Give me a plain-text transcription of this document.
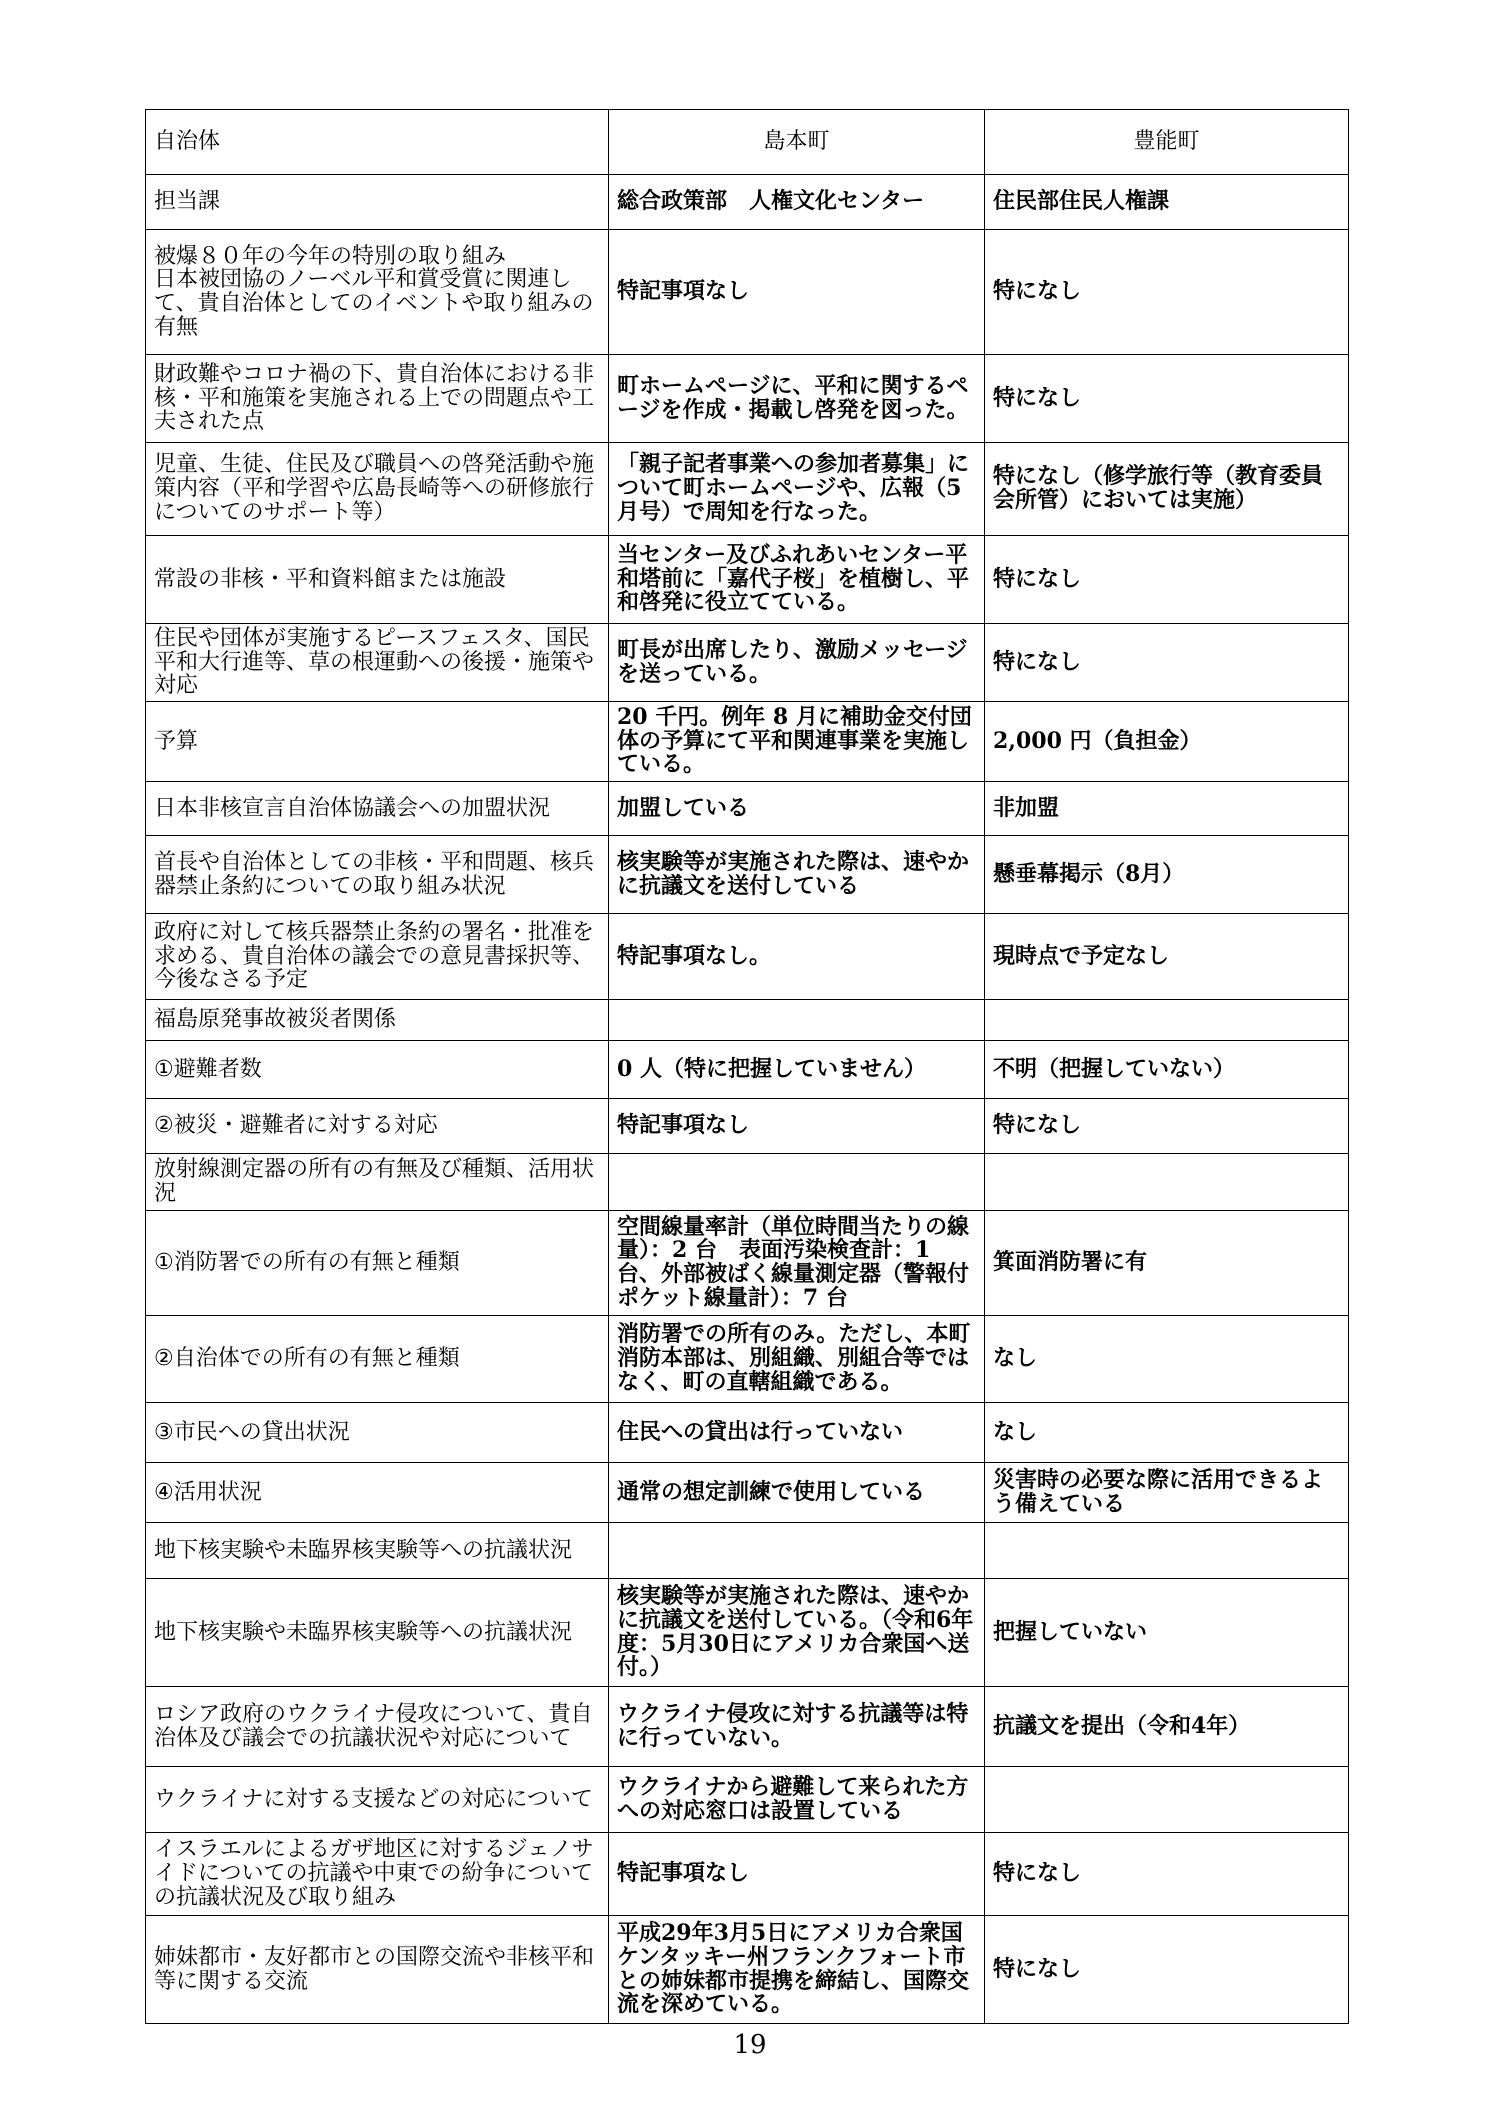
自治体	島本町	豊能町
担当課	総合政策部　人権文化センター	住民部住民人権課
被爆８０年の今年の特別の取り組み
日本被団協のノーベル平和賞受賞に関連して、貴自治体としてのイベントや取り組みの有無	特記事項なし	特になし
財政難やコロナ禍の下、貴自治体における非核・平和施策を実施される上での問題点や工夫された点	町ホームページに、平和に関するページを作成・掲載し啓発を図った。	特になし
児童、生徒、住民及び職員への啓発活動や施策内容（平和学習や広島長崎等への研修旅行についてのサポート等）	「親子記者事業への参加者募集」について町ホームページや、広報（5 月号）で周知を行なった。	特になし（修学旅行等（教育委員会所管）においては実施）
常設の非核・平和資料館または施設	当センター及びふれあいセンター平和塔前に「嘉代子桜」を植樹し、平和啓発に役立てている。	特になし
住民や団体が実施するピースフェスタ、国民平和大行進等、草の根運動への後援・施策や対応	町長が出席したり、激励メッセージを送っている。	特になし
予算	20 千円。例年 8 月に補助金交付団体の予算にて平和関連事業を実施している。	2,000 円（負担金）
日本非核宣言自治体協議会への加盟状況	加盟している	非加盟
首長や自治体としての非核・平和問題、核兵器禁止条約についての取り組み状況	核実験等が実施された際は、速やかに抗議文を送付している	懸垂幕掲示（8月）
政府に対して核兵器禁止条約の署名・批准を求める、貴自治体の議会での意見書採択等、今後なさる予定	特記事項なし。	現時点で予定なし
福島原発事故被災者関係		
①避難者数	0 人（特に把握していません）	不明（把握していない）
②被災・避難者に対する対応	特記事項なし	特になし
放射線測定器の所有の有無及び種類、活用状況		
①消防署での所有の有無と種類	空間線量率計（単位時間当たりの線量）：2 台　表面汚染検査計：1 台、外部被ばく線量測定器（警報付ポケット線量計）：7 台	箕面消防署に有
②自治体での所有の有無と種類	消防署での所有のみ。ただし、本町消防本部は、別組織、別組合等ではなく、町の直轄組織である。	なし
③市民への貸出状況	住民への貸出は行っていない	なし
④活用状況	通常の想定訓練で使用している	災害時の必要な際に活用できるよう備えている
地下核実験や未臨界核実験等への抗議状況		
地下核実験や未臨界核実験等への抗議状況	核実験等が実施された際は、速やかに抗議文を送付している。（令和6年度：5月30日にアメリカ合衆国へ送付。）	把握していない
ロシア政府のウクライナ侵攻について、貴自治体及び議会での抗議状況や対応について	ウクライナ侵攻に対する抗議等は特に行っていない。	抗議文を提出（令和4年）
ウクライナに対する支援などの対応について	ウクライナから避難して来られた方への対応窓口は設置している	
イスラエルによるガザ地区に対するジェノサイドについての抗議や中東での紛争についての抗議状況及び取り組み	特記事項なし	特になし
姉妹都市・友好都市との国際交流や非核平和等に関する交流	平成29年3月5日にアメリカ合衆国ケンタッキー州フランクフォート市との姉妹都市提携を締結し、国際交流を深めている。	特になし
19
